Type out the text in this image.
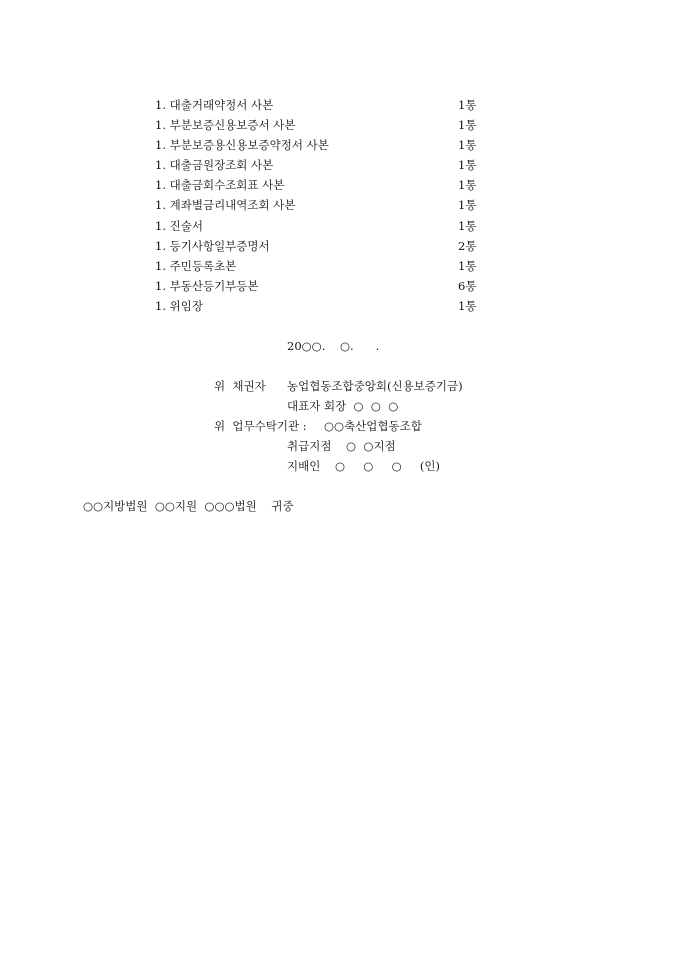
1. 대출거래약정서 사본	1통
1. 부분보증신용보증서 사본	1통
1. 부분보증용신용보증약정서 사본	1통
1. 대출금원장조회 사본	1통
1. 대출금회수조회표 사본	1통
1. 계좌별금리내역조회 사본	1통
1. 진술서	1통
1. 등기사항일부증명서	2통
1. 주민등록초본	1통
1. 부동산등기부등본	6통
1. 위임장	1통
20○○.    ○.      .
위  채권자 농업협동조합중앙회(신용보증기금)
대표자 회장  ○  ○  ○
위  업무수탁기관 : ○○축산업협동조합
취급지점    ○  ○지점
지배인    ○     ○     ○     (인)
○○지방법원  ○○지원  ○○○법원    귀중
